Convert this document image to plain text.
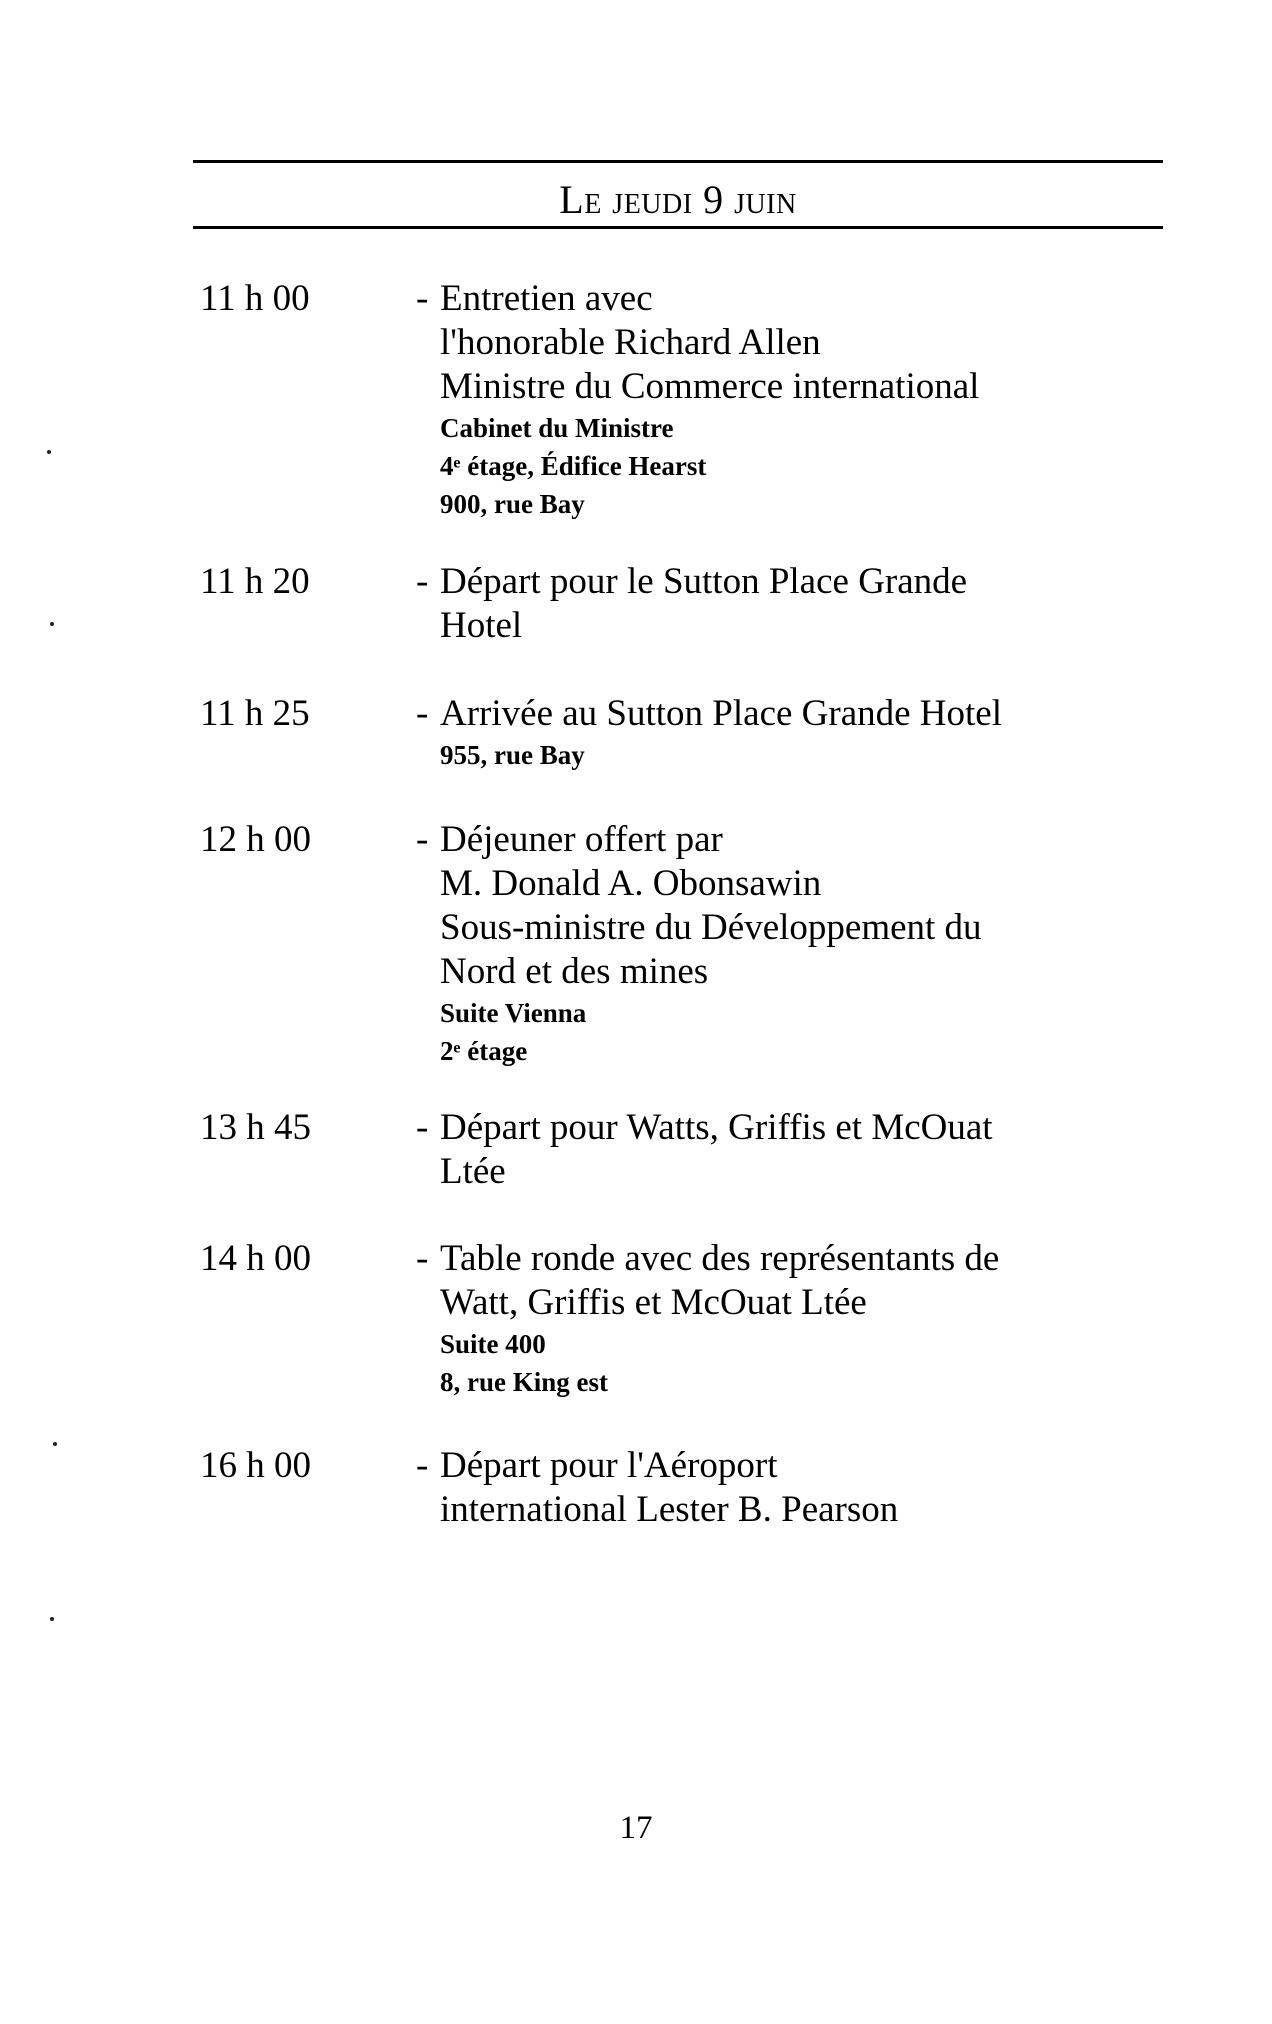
Le jeudi 9 juin
11 h 00	- Entretien avec
l'honorable Richard Allen
Ministre du Commerce international
Cabinet du Ministre
4ᵉ étage, Édifice Hearst
900, rue Bay
11 h 20	- Départ pour le Sutton Place Grande
Hotel
11 h 25	- Arrivée au Sutton Place Grande Hotel
955, rue Bay
12 h 00	- Déjeuner offert par
M. Donald A. Obonsawin
Sous-ministre du Développement du
Nord et des mines
Suite Vienna
2ᵉ étage
13 h 45	- Départ pour Watts, Griffis et McOuat
Ltée
14 h 00	- Table ronde avec des représentants de
Watt, Griffis et McOuat Ltée
Suite 400
8, rue King est
16 h 00	- Départ pour l'Aéroport
international Lester B. Pearson
17
